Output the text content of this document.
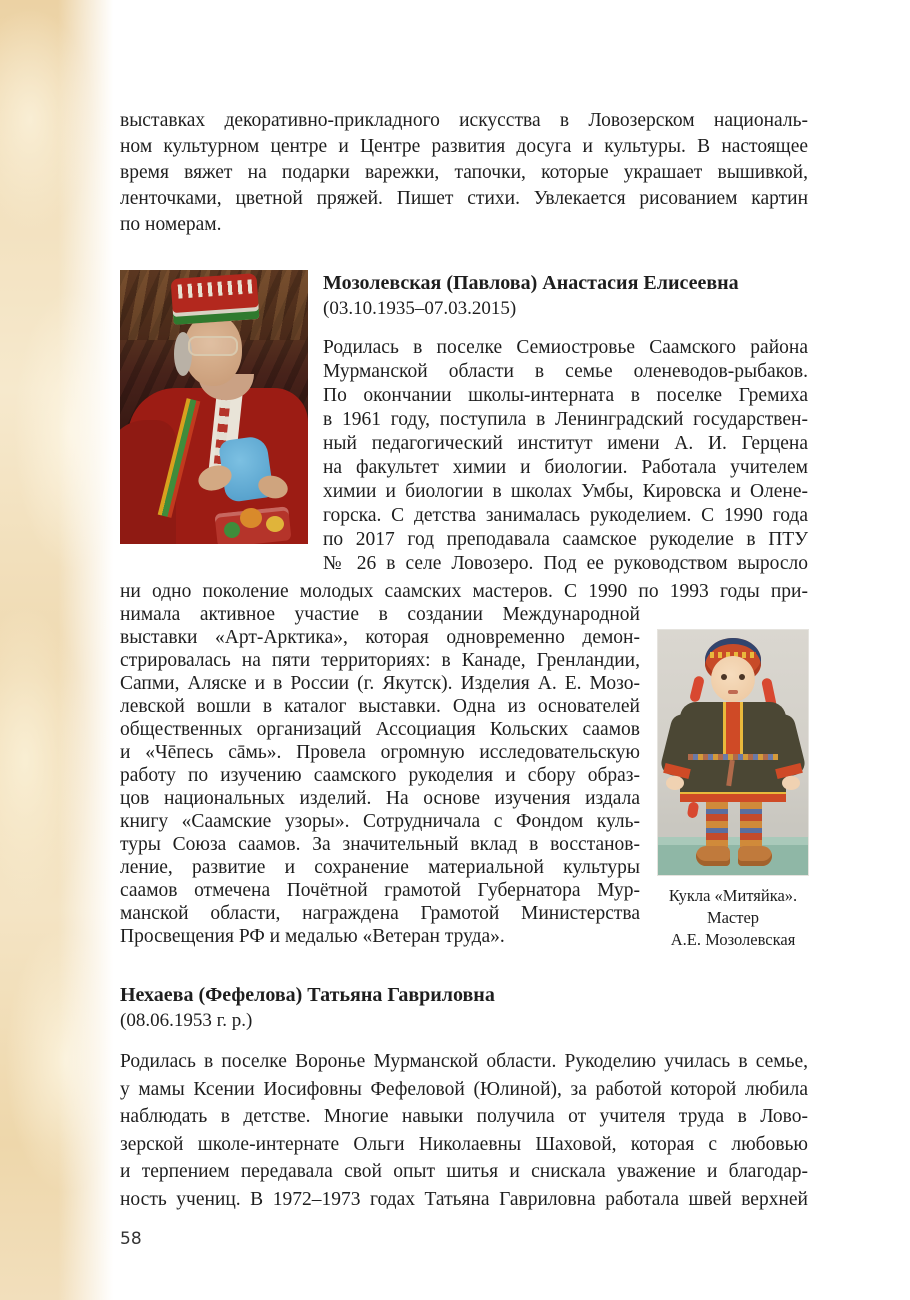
выставках декоративно-прикладного искусства в Ловозерском националь-
ном культурном центре и Центре развития досуга и культуры. В настоящее
время вяжет на подарки варежки, тапочки, которые украшает вышивкой,
ленточками, цветной пряжей. Пишет стихи. Увлекается рисованием картин
по номерам.
Мозолевская (Павлова) Анастасия Елисеевна
(03.10.1935–07.03.2015)
Родилась в поселке Семиостровье Саамского района
Мурманской области в семье оленеводов-рыбаков.
По окончании школы-интерната в поселке Гремиха
в 1961 году, поступила в Ленинградский государствен-
ный педагогический институт имени А. И. Герцена
на факультет химии и биологии. Работала учителем
химии и биологии в школах Умбы, Кировска и Олене-
горска. С детства занималась рукоделием. С 1990 года
по 2017 год преподавала саамское рукоделие в ПТУ
№ 26 в селе Ловозеро. Под ее руководством выросло
ни одно поколение молодых саамских мастеров. С 1990 по 1993 годы при-
нимала активное участие в создании Международной
выставки «Арт-Арктика», которая одновременно демон-
стрировалась на пяти территориях: в Канаде, Гренландии,
Сапми, Аляске и в России (г. Якутск). Изделия А. Е. Мозо-
левской вошли в каталог выставки. Одна из основателей
общественных организаций Ассоциация Кольских саамов
и «Чēпесь сāмь». Провела огромную исследовательскую
работу по изучению саамского рукоделия и сбору образ-
цов национальных изделий. На основе изучения издала
книгу «Саамские узоры». Сотрудничала с Фондом куль-
туры Союза саамов. За значительный вклад в восстанов-
ление, развитие и сохранение материальной культуры
саамов отмечена Почётной грамотой Губернатора Мур-
манской области, награждена Грамотой Министерства
Просвещения РФ и медалью «Ветеран труда».
Кукла «Митяйка».
Мастер
А.Е. Мозолевская
Нехаева (Фефелова) Татьяна Гавриловна
(08.06.1953 г. р.)
Родилась в поселке Воронье Мурманской области. Рукоделию училась в семье,
у мамы Ксении Иосифовны Фефеловой (Юлиной), за работой которой любила
наблюдать в детстве. Многие навыки получила от учителя труда в Лово-
зерской школе-интернате Ольги Николаевны Шаховой, которая с любовью
и терпением передавала свой опыт шитья и снискала уважение и благодар-
ность учениц. В 1972–1973 годах Татьяна Гавриловна работала швей верхней
58
